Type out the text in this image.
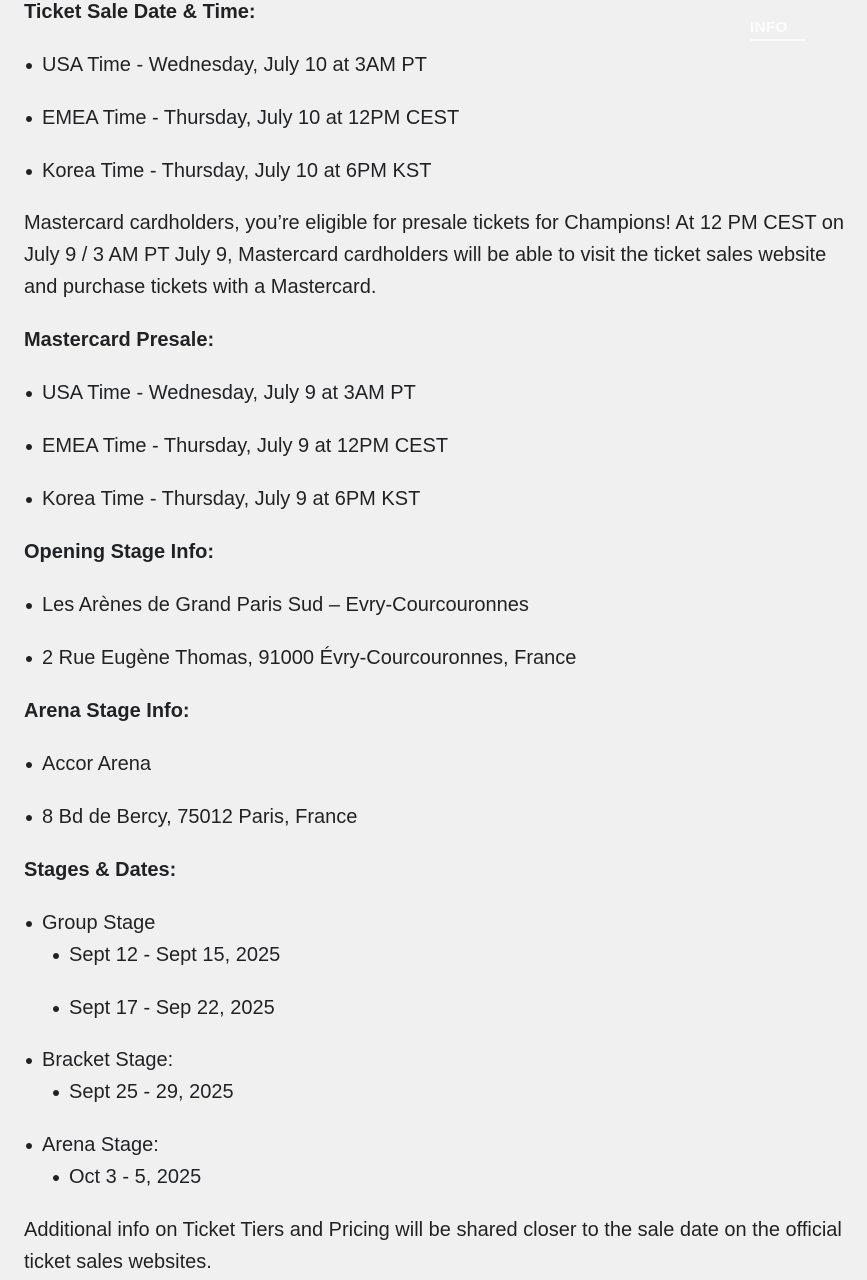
INFO
Ticket Sale Date & Time:
USA Time - Wednesday, July 10 at 3AM PT
EMEA Time - Thursday, July 10 at 12PM CEST
Korea Time - Thursday, July 10 at 6PM KST
Mastercard cardholders, you’re eligible for presale tickets for Champions! At 12 PM CEST on July 9 / 3 AM PT July 9, Mastercard cardholders will be able to visit the ticket sales website and purchase tickets with a Mastercard.
Mastercard Presale:
USA Time - Wednesday, July 9 at 3AM PT
EMEA Time - Thursday, July 9 at 12PM CEST
Korea Time - Thursday, July 9 at 6PM KST
Opening Stage Info:
Les Arènes de Grand Paris Sud – Evry-Courcouronnes
2 Rue Eugène Thomas, 91000 Évry-Courcouronnes, France
Arena Stage Info:
Accor Arena
8 Bd de Bercy, 75012 Paris, France
Stages & Dates:
Group Stage
Sept 12 - Sept 15, 2025
Sept 17 - Sep 22, 2025
Bracket Stage:
Sept 25 - 29, 2025
Arena Stage:
Oct 3 - 5, 2025
Additional info on Ticket Tiers and Pricing will be shared closer to the sale date on the official ticket sales websites.
